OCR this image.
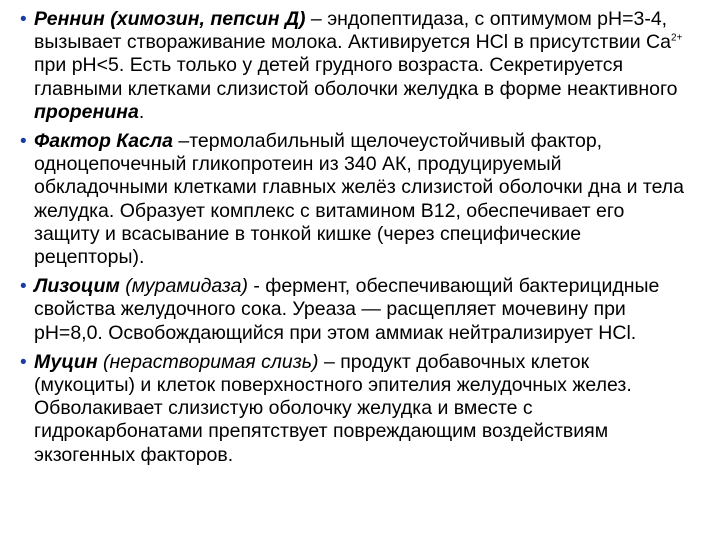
• Реннин (химозин, пепсин Д) – эндопептидаза, с оптимумом pH=3-4, вызывает створаживание молока. Активируется HCl в присутствии $Ca^{2+}$ при pH<5. Есть только у детей грудного возраста. Секретируется главными клетками слизистой оболочки желудка в форме неактивного проренина.
• Фактор Касла –термолабильный щелочеустойчивый фактор, одноцепочечный гликопротеин из 340 АК, продуцируемый обкладочными клетками главных желёз слизистой оболочки дна и тела желудка. Образует комплекс с витамином В12, обеспечивает его защиту и всасывание в тонкой кишке (через специфические рецепторы).
• Лизоцим (мурамидаза) - фермент, обеспечивающий бактерицидные свойства желудочного сока. Уреаза — расщепляет мочевину при pH=8,0. Освобождающийся при этом аммиак нейтрализирует HCl.
• Муцин (нерастворимая слизь) – продукт добавочных клеток (мукоциты) и клеток поверхностного эпителия желудочных желез. Обволакивает слизистую оболочку желудка и вместе с гидрокарбонатами препятствует повреждающим воздействиям экзогенных факторов.
